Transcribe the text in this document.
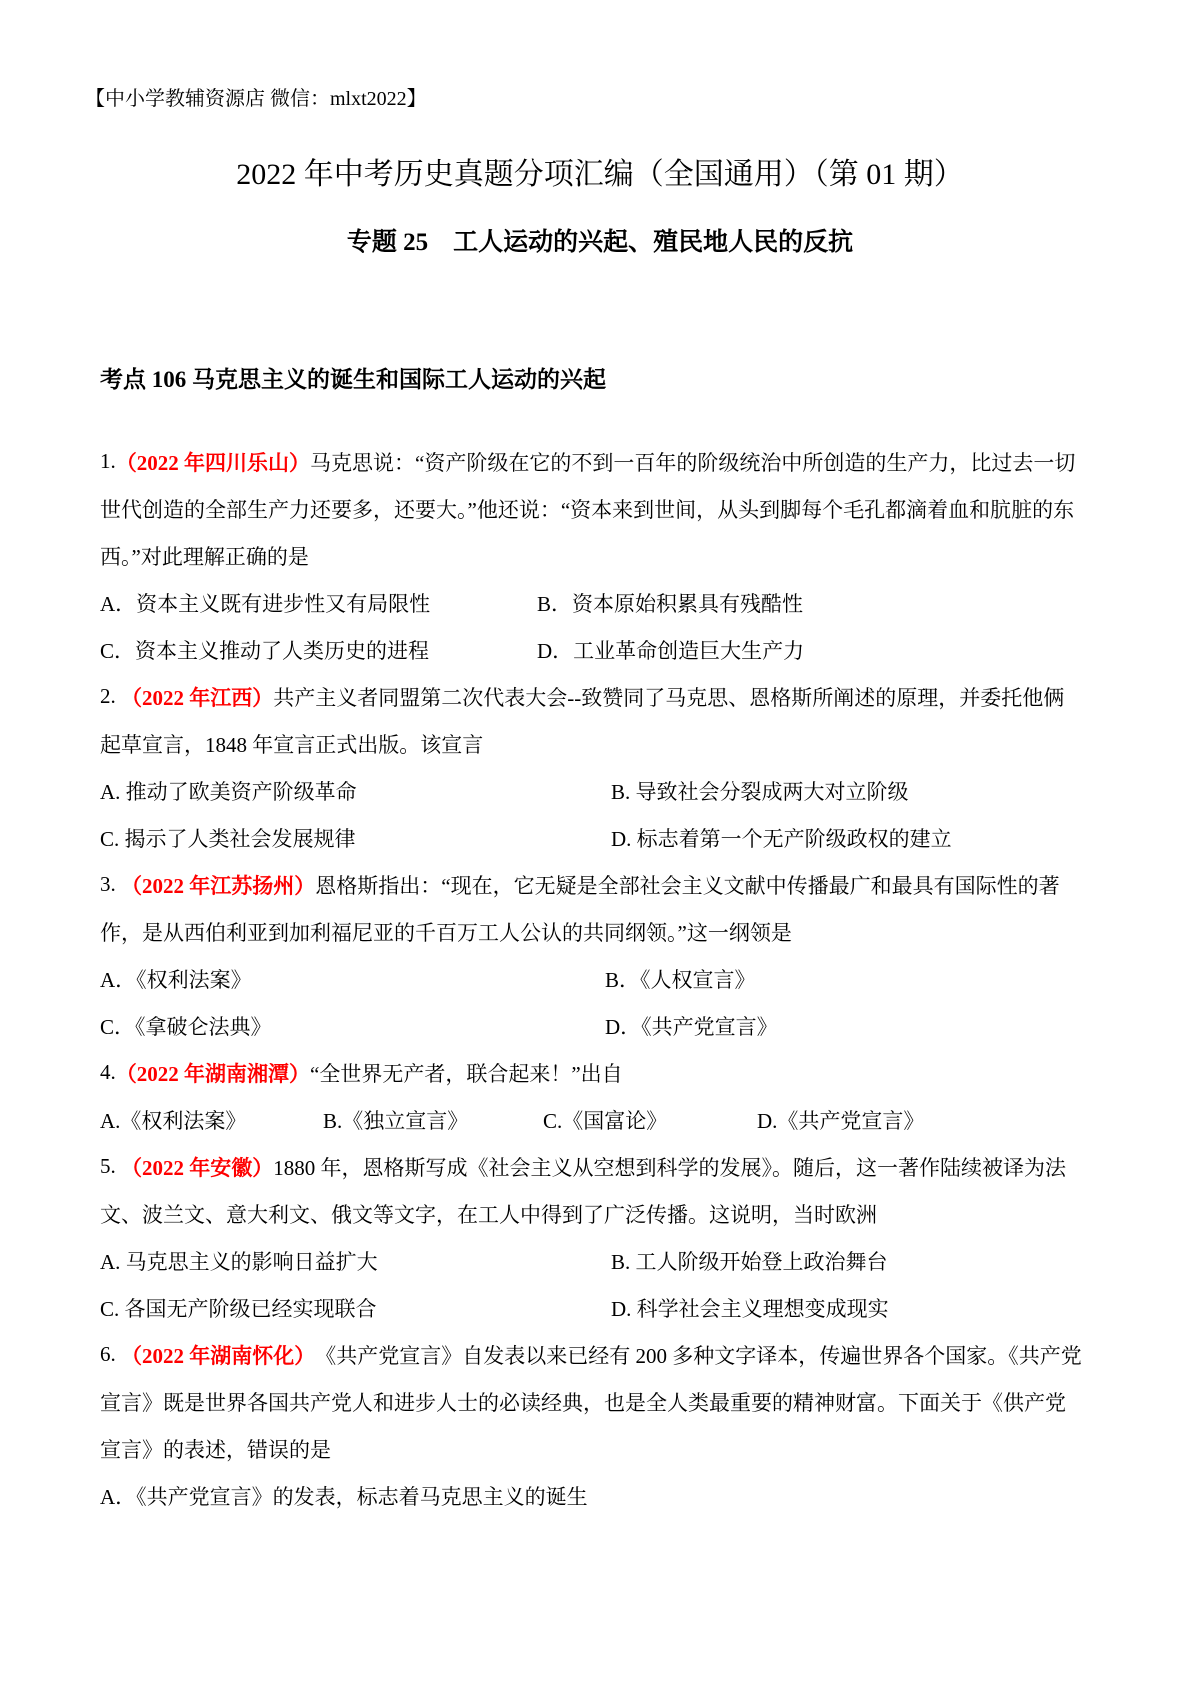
【中小学教辅资源店 微信：mlxt2022】
2022 年中考历史真题分项汇编（全国通用）（第 01 期）
专题 25　工人运动的兴起、殖民地人民的反抗
考点 106 马克思主义的诞生和国际工人运动的兴起
1. （2022 年四川乐山） 马克思说：“资产阶级在它的不到一百年的阶级统治中所创造的生产力，比过去一切
世代创造的全部生产力还要多，还要大。”他还说：“资本来到世间，从头到脚每个毛孔都滴着血和肮脏的东
西。”对此理解正确的是
A．资本主义既有进步性又有局限性	B．资本原始积累具有残酷性
C．资本主义推动了人类历史的进程	D．工业革命创造巨大生产力
2. （2022 年江西） 共产主义者同盟第二次代表大会--致赞同了马克思、恩格斯所阐述的原理，并委托他俩
起草宣言，1848 年宣言正式出版。该宣言
A. 推动了欧美资产阶级革命	B. 导致社会分裂成两大对立阶级
C. 揭示了人类社会发展规律	D. 标志着第一个无产阶级政权的建立
3. （2022 年江苏扬州） 恩格斯指出：“现在，它无疑是全部社会主义文献中传播最广和最具有国际性的著
作，是从西伯利亚到加利福尼亚的千百万工人公认的共同纲领。”这一纲领是
A．《权利法案》	B．《人权宣言》
C．《拿破仑法典》	D．《共产党宣言》
4. （2022 年湖南湘潭） “全世界无产者，联合起来！”出自
A.《权利法案》	B.《独立宣言》	C.《国富论》	D.《共产党宣言》
5. （2022 年安徽） 1880 年，恩格斯写成《社会主义从空想到科学的发展》。随后，这一著作陆续被译为法
文、波兰文、意大利文、俄文等文字，在工人中得到了广泛传播。这说明，当时欧洲
A. 马克思主义的影响日益扩大	B. 工人阶级开始登上政治舞台
C. 各国无产阶级已经实现联合	D. 科学社会主义理想变成现实
6. （2022 年湖南怀化） 《共产党宣言》自发表以来已经有 200 多种文字译本，传遍世界各个国家。《共产党
宣言》既是世界各国共产党人和进步人士的必读经典，也是全人类最重要的精神财富。下面关于《供产党
宣言》的表述，错误的是
A．《共产党宣言》的发表，标志着马克思主义的诞生
